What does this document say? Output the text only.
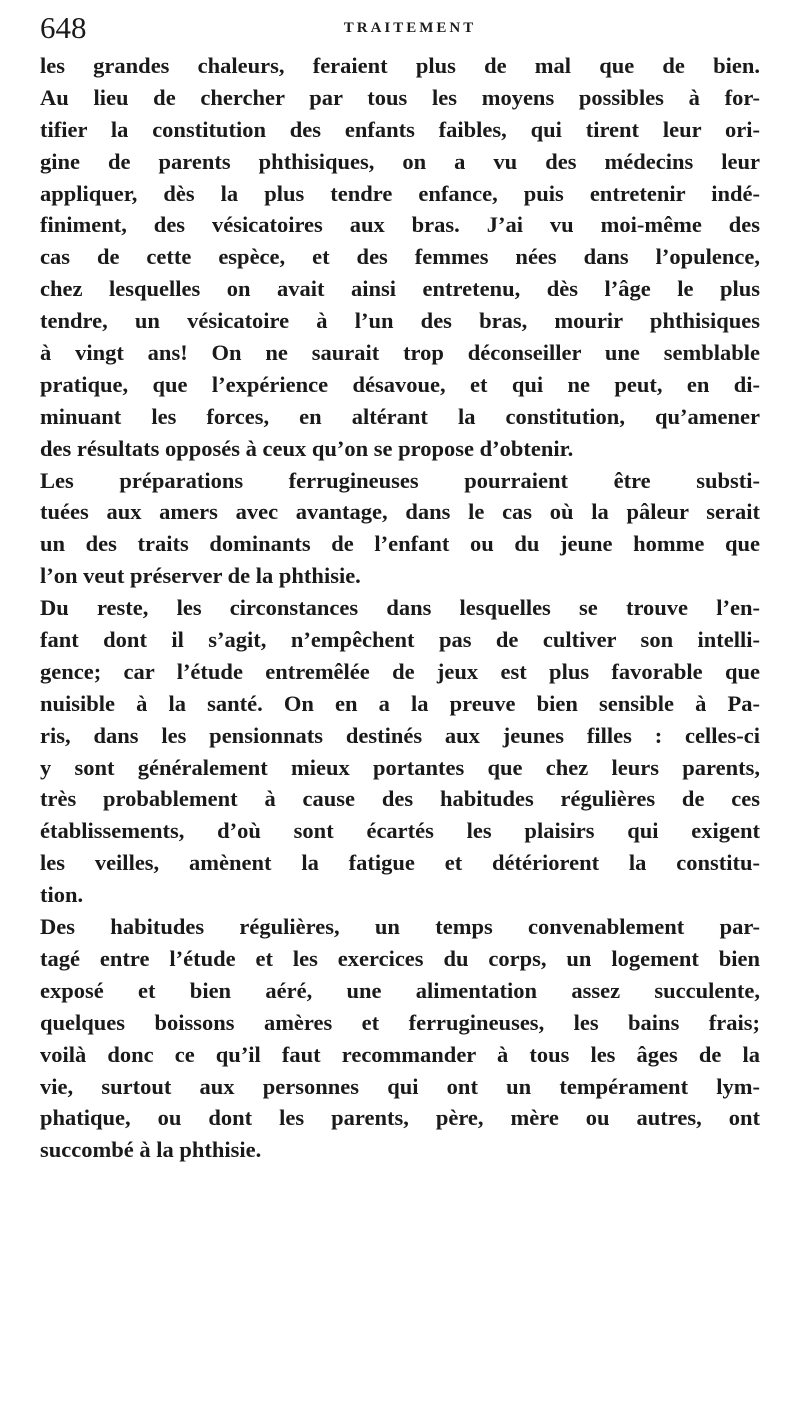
648	TRAITEMENT
les grandes chaleurs, feraient plus de mal que de bien.
Au lieu de chercher par tous les moyens possibles à for-
tifier la constitution des enfants faibles, qui tirent leur ori-
gine de parents phthisiques, on a vu des médecins leur
appliquer, dès la plus tendre enfance, puis entretenir indé-
finiment, des vésicatoires aux bras. J’ai vu moi-même des
cas de cette espèce, et des femmes nées dans l’opulence,
chez lesquelles on avait ainsi entretenu, dès l’âge le plus
tendre, un vésicatoire à l’un des bras, mourir phthisiques
à vingt ans! On ne saurait trop déconseiller une semblable
pratique, que l’expérience désavoue, et qui ne peut, en di-
minuant les forces, en altérant la constitution, qu’amener
des résultats opposés à ceux qu’on se propose d’obtenir.
Les préparations ferrugineuses pourraient être substi-
tuées aux amers avec avantage, dans le cas où la pâleur serait
un des traits dominants de l’enfant ou du jeune homme que
l’on veut préserver de la phthisie.
Du reste, les circonstances dans lesquelles se trouve l’en-
fant dont il s’agit, n’empêchent pas de cultiver son intelli-
gence; car l’étude entremêlée de jeux est plus favorable que
nuisible à la santé. On en a la preuve bien sensible à Pa-
ris, dans les pensionnats destinés aux jeunes filles : celles-ci
y sont généralement mieux portantes que chez leurs parents,
très probablement à cause des habitudes régulières de ces
établissements, d’où sont écartés les plaisirs qui exigent
les veilles, amènent la fatigue et détériorent la constitu-
tion.
Des habitudes régulières, un temps convenablement par-
tagé entre l’étude et les exercices du corps, un logement bien
exposé et bien aéré, une alimentation assez succulente,
quelques boissons amères et ferrugineuses, les bains frais;
voilà donc ce qu’il faut recommander à tous les âges de la
vie, surtout aux personnes qui ont un tempérament lym-
phatique, ou dont les parents, père, mère ou autres, ont
succombé à la phthisie.
